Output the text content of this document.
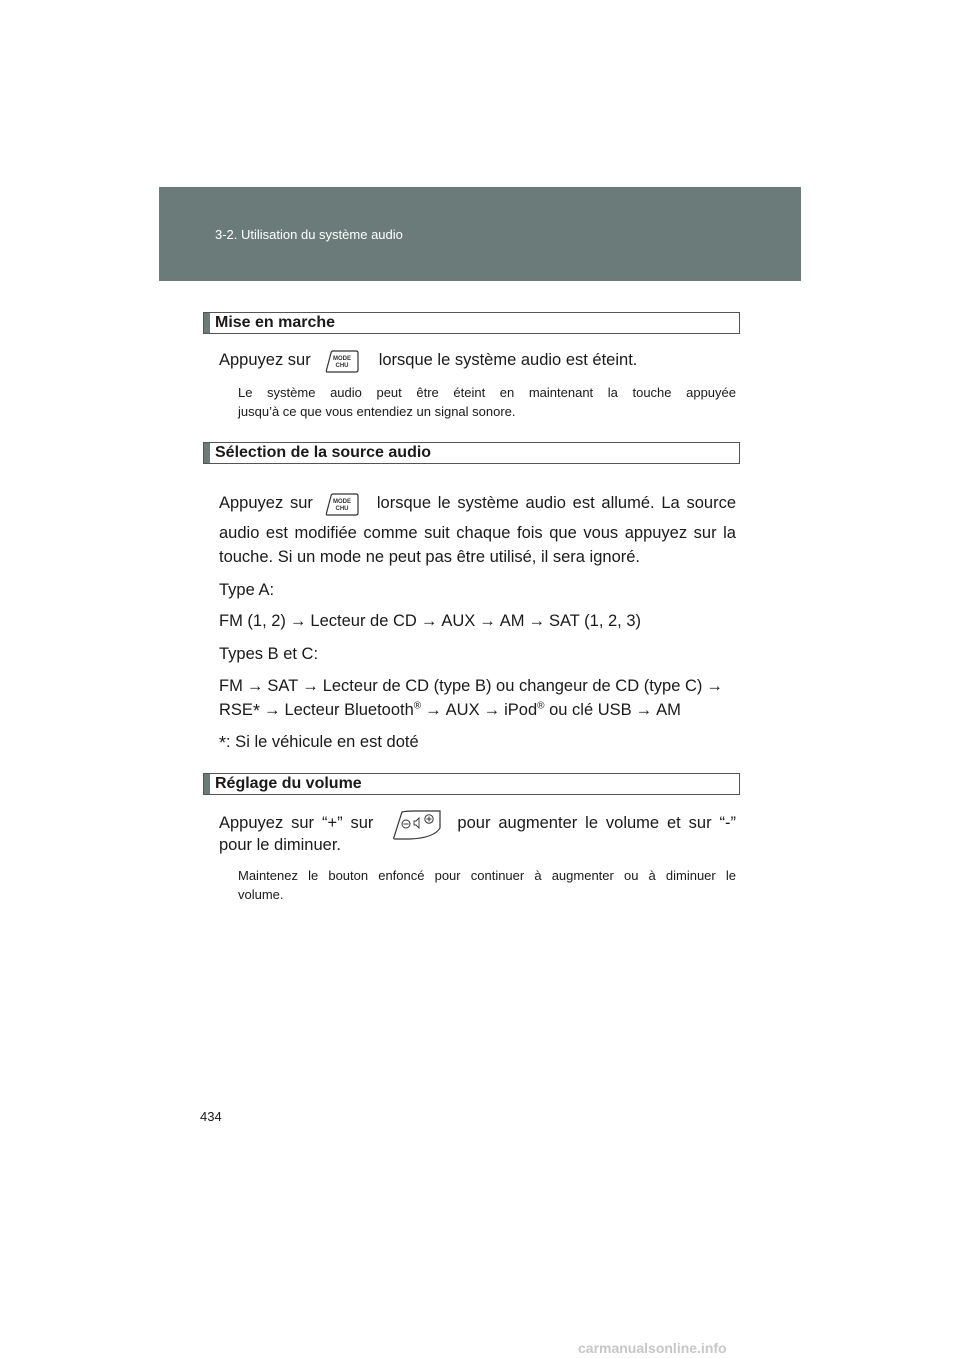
3-2. Utilisation du système audio
Mise en marche
Appuyez sur	lorsque le système audio est éteint.
MODE
CHU
Le système audio peut être éteint en maintenant la touche appuyée
jusqu’à ce que vous entendiez un signal sonore.
Sélection de la source audio
Appuyez sur	lorsque le système audio est allumé. La source
MODE
CHU
audio est modifiée comme suit chaque fois que vous appuyez sur la
touche. Si un mode ne peut pas être utilisé, il sera ignoré.
Type A:
FM (1, 2) → Lecteur de CD → AUX → AM → SAT (1, 2, 3)
Types B et C:
FM → SAT → Lecteur de CD (type B) ou changeur de CD (type C) →
RSE* → Lecteur Bluetooth® → AUX → iPod® ou clé USB → AM
*: Si le véhicule en est doté
Réglage du volume
Appuyez sur “+” sur	pour augmenter le volume et sur “-”
pour le diminuer.
Maintenez le bouton enfoncé pour continuer à augmenter ou à diminuer le
volume.
434
carmanualsonline.info
